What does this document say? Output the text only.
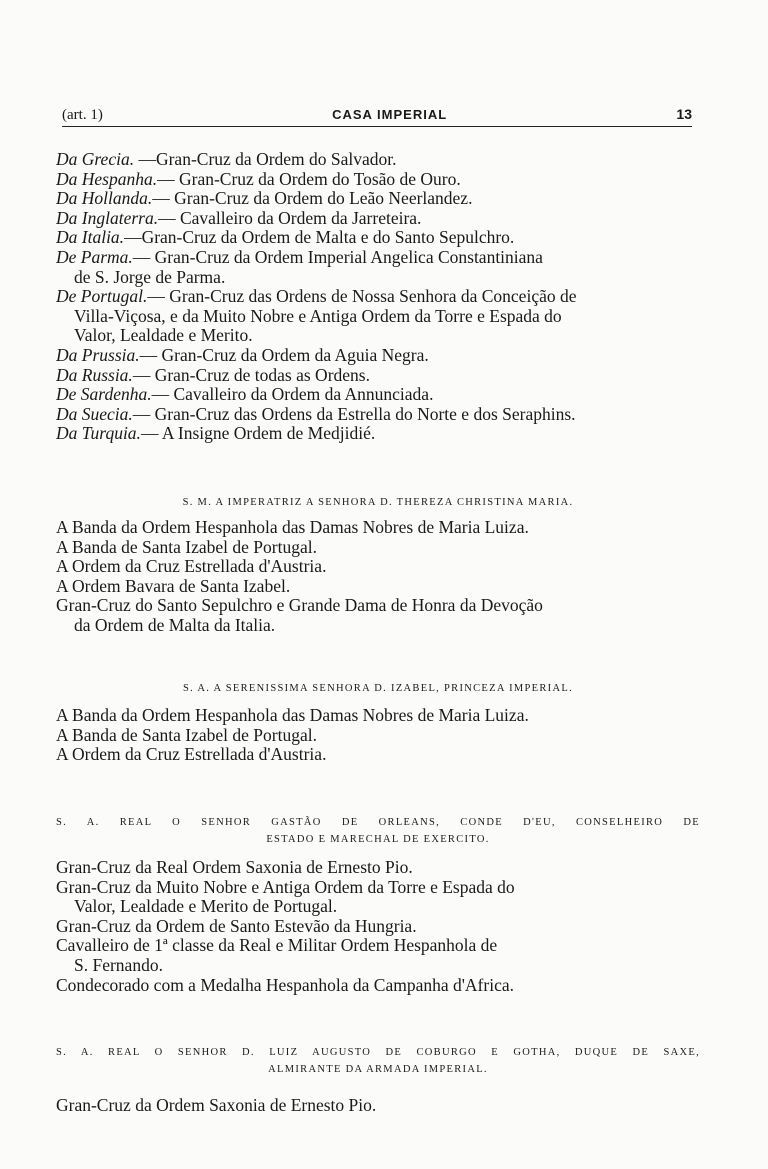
(art. 1)	CASA IMPERIAL	13
Da Grecia. —Gran-Cruz da Ordem do Salvador.
Da Hespanha.— Gran-Cruz da Ordem do Tosão de Ouro.
Da Hollanda.— Gran-Cruz da Ordem do Leão Neerlandez.
Da Inglaterra.— Cavalleiro da Ordem da Jarreteira.
Da Italia.—Gran-Cruz da Ordem de Malta e do Santo Sepulchro.
De Parma.— Gran-Cruz da Ordem Imperial Angelica Constantiniana
de S. Jorge de Parma.
De Portugal.— Gran-Cruz das Ordens de Nossa Senhora da Conceição de
Villa-Viçosa, e da Muito Nobre e Antiga Ordem da Torre e Espada do
Valor, Lealdade e Merito.
Da Prussia.— Gran-Cruz da Ordem da Aguia Negra.
Da Russia.— Gran-Cruz de todas as Ordens.
De Sardenha.— Cavalleiro da Ordem da Annunciada.
Da Suecia.— Gran-Cruz das Ordens da Estrella do Norte e dos Seraphins.
Da Turquia.— A Insigne Ordem de Medjidié.
S. M. A IMPERATRIZ A SENHORA D. THEREZA CHRISTINA MARIA.
A Banda da Ordem Hespanhola das Damas Nobres de Maria Luiza.
A Banda de Santa Izabel de Portugal.
A Ordem da Cruz Estrellada d'Austria.
A Ordem Bavara de Santa Izabel.
Gran-Cruz do Santo Sepulchro e Grande Dama de Honra da Devoção
da Ordem de Malta da Italia.
S. A. A SERENISSIMA SENHORA D. IZABEL, PRINCEZA IMPERIAL.
A Banda da Ordem Hespanhola das Damas Nobres de Maria Luiza.
A Banda de Santa Izabel de Portugal.
A Ordem da Cruz Estrellada d'Austria.
S. A. REAL O SENHOR GASTÃO DE ORLEANS, CONDE D'EU, CONSELHEIRO DE
ESTADO E MARECHAL DE EXERCITO.
Gran-Cruz da Real Ordem Saxonia de Ernesto Pio.
Gran-Cruz da Muito Nobre e Antiga Ordem da Torre e Espada do
Valor, Lealdade e Merito de Portugal.
Gran-Cruz da Ordem de Santo Estevão da Hungria.
Cavalleiro de 1ª classe da Real e Militar Ordem Hespanhola de
S. Fernando.
Condecorado com a Medalha Hespanhola da Campanha d'Africa.
S. A. REAL O SENHOR D. LUIZ AUGUSTO DE COBURGO E GOTHA, DUQUE DE SAXE,
ALMIRANTE DA ARMADA IMPERIAL.
Gran-Cruz da Ordem Saxonia de Ernesto Pio.
